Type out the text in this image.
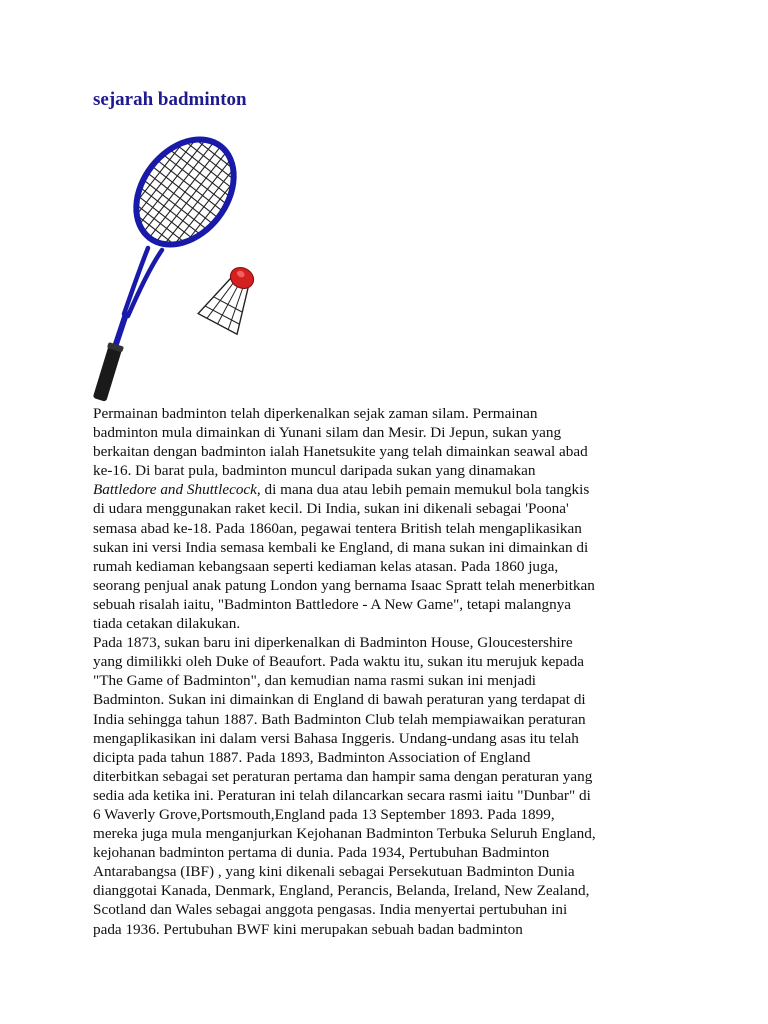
sejarah badminton
Permainan badminton telah diperkenalkan sejak zaman silam. Permainan
badminton mula dimainkan di Yunani silam dan Mesir. Di Jepun, sukan yang
berkaitan dengan badminton ialah Hanetsukite yang telah dimainkan seawal abad
ke-16. Di barat pula, badminton muncul daripada sukan yang dinamakan
Battledore and Shuttlecock, di mana dua atau lebih pemain memukul bola tangkis
di udara menggunakan raket kecil. Di India, sukan ini dikenali sebagai 'Poona'
semasa abad ke-18. Pada 1860an, pegawai tentera British telah mengaplikasikan
sukan ini versi India semasa kembali ke England, di mana sukan ini dimainkan di
rumah kediaman kebangsaan seperti kediaman kelas atasan. Pada 1860 juga,
seorang penjual anak patung London yang bernama Isaac Spratt telah menerbitkan
sebuah risalah iaitu, "Badminton Battledore - A New Game", tetapi malangnya
tiada cetakan dilakukan.
Pada 1873, sukan baru ini diperkenalkan di Badminton House, Gloucestershire
yang dimilikki oleh Duke of Beaufort. Pada waktu itu, sukan itu merujuk kepada
"The Game of Badminton", dan kemudian nama rasmi sukan ini menjadi
Badminton. Sukan ini dimainkan di England di bawah peraturan yang terdapat di
India sehingga tahun 1887. Bath Badminton Club telah mempiawaikan peraturan
mengaplikasikan ini dalam versi Bahasa Inggeris. Undang-undang asas itu telah
dicipta pada tahun 1887. Pada 1893, Badminton Association of England
diterbitkan sebagai set peraturan pertama dan hampir sama dengan peraturan yang
sedia ada ketika ini. Peraturan ini telah dilancarkan secara rasmi iaitu "Dunbar" di
6 Waverly Grove,Portsmouth,England pada 13 September 1893. Pada 1899,
mereka juga mula menganjurkan Kejohanan Badminton Terbuka Seluruh England,
kejohanan badminton pertama di dunia. Pada 1934, Pertubuhan Badminton
Antarabangsa (IBF) , yang kini dikenali sebagai Persekutuan Badminton Dunia
dianggotai Kanada, Denmark, England, Perancis, Belanda, Ireland, New Zealand,
Scotland dan Wales sebagai anggota pengasas. India menyertai pertubuhan ini
pada 1936. Pertubuhan BWF kini merupakan sebuah badan badminton
